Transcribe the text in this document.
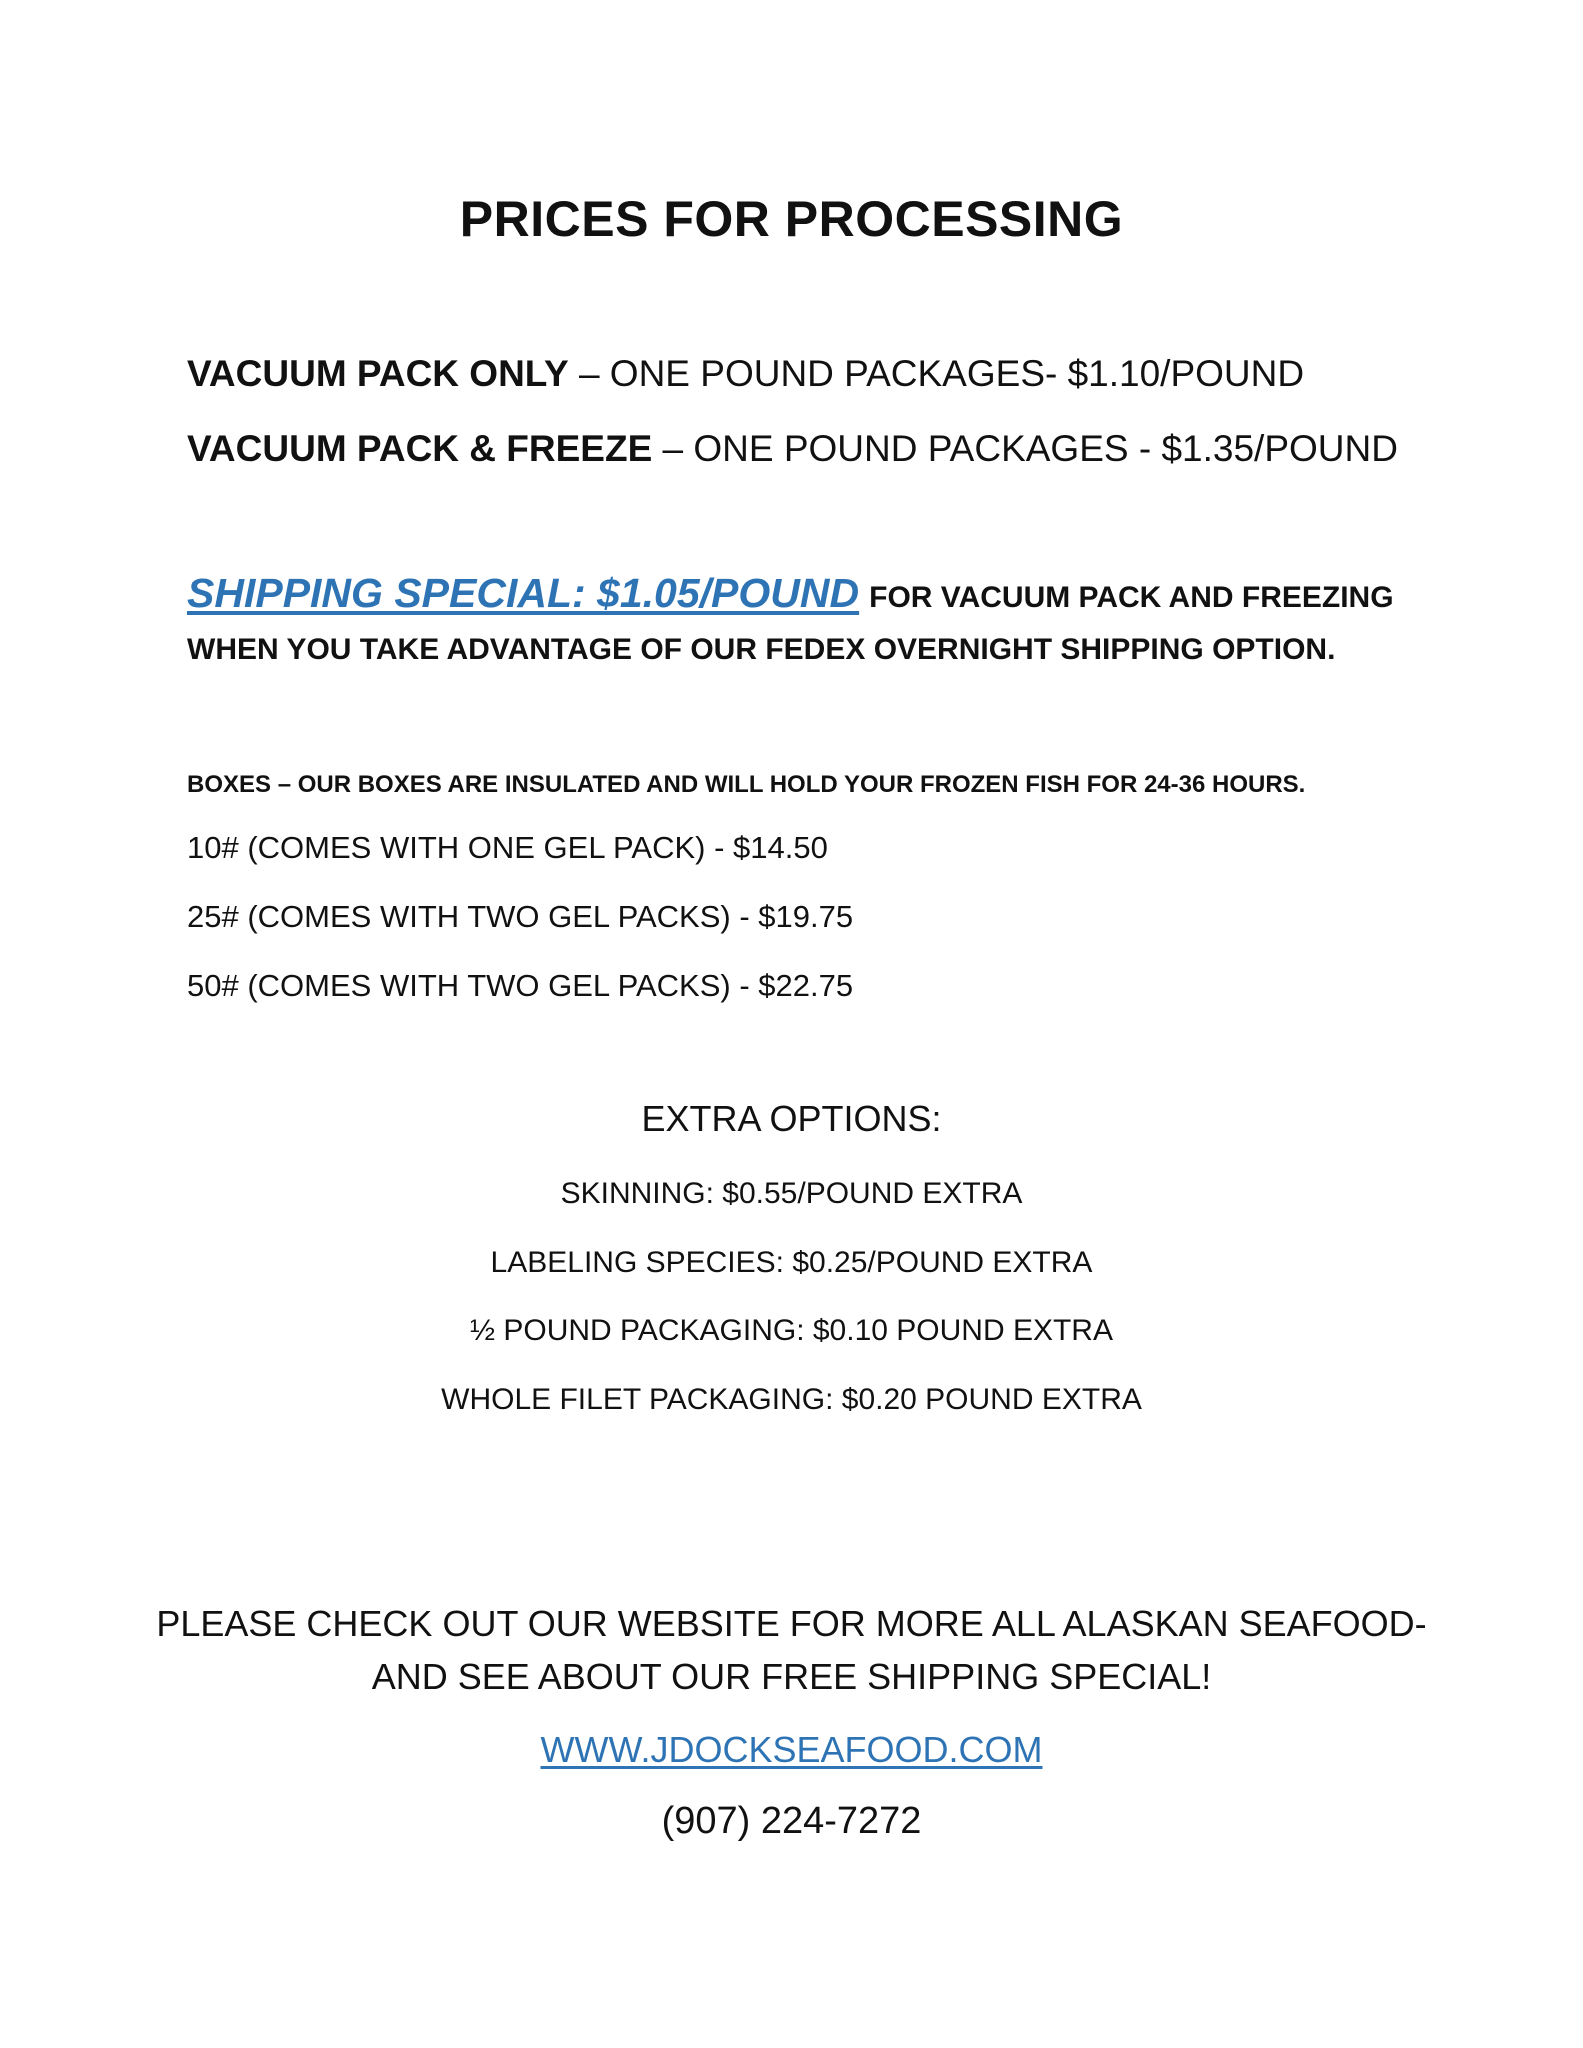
PRICES FOR PROCESSING
VACUUM PACK ONLY – ONE POUND PACKAGES- $1.10/POUND
VACUUM PACK & FREEZE – ONE POUND PACKAGES - $1.35/POUND
SHIPPING SPECIAL: $1.05/POUND FOR VACUUM PACK AND FREEZING
WHEN YOU TAKE ADVANTAGE OF OUR FEDEX OVERNIGHT SHIPPING OPTION.
BOXES – OUR BOXES ARE INSULATED AND WILL HOLD YOUR FROZEN FISH FOR 24-36 HOURS.
10# (COMES WITH ONE GEL PACK) - $14.50
25# (COMES WITH TWO GEL PACKS) - $19.75
50# (COMES WITH TWO GEL PACKS) - $22.75
EXTRA OPTIONS:
SKINNING: $0.55/POUND EXTRA
LABELING SPECIES: $0.25/POUND EXTRA
½ POUND PACKAGING: $0.10 POUND EXTRA
WHOLE FILET PACKAGING: $0.20 POUND EXTRA
PLEASE CHECK OUT OUR WEBSITE FOR MORE ALL ALASKAN SEAFOOD-
AND SEE ABOUT OUR FREE SHIPPING SPECIAL!
WWW.JDOCKSEAFOOD.COM
(907) 224-7272
